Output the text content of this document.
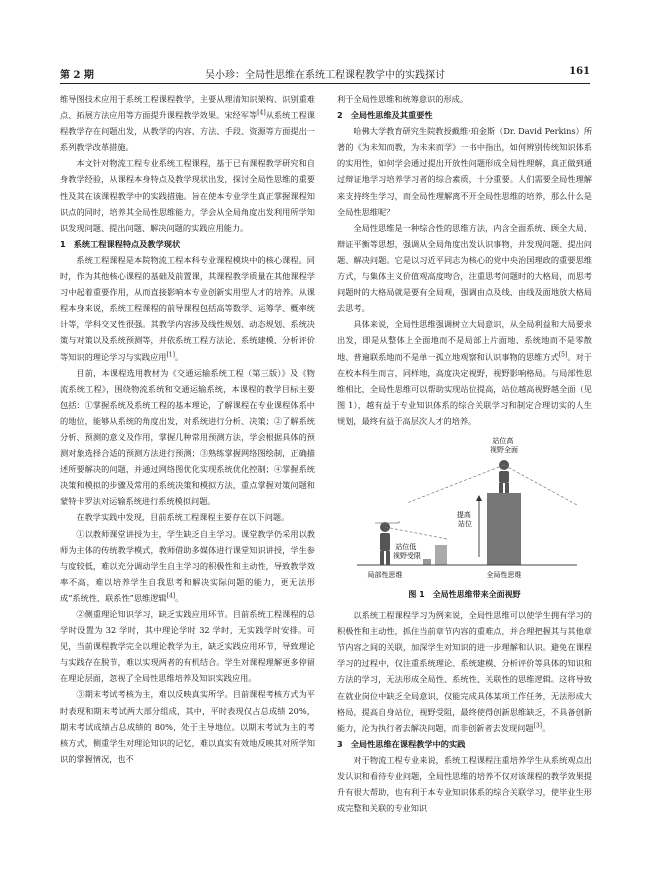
第 2 期	吴小珍：全局性思维在系统工程课程教学中的实践探讨	161

维导图技术应用于系统工程课程教学，主要从理清知识架构、识别重难点、拓展方法应用等方面提升课程教学效果。宋经军等[4]从系统工程课程教学存在问题出发，从教学的内容、方法、手段、资源等方面提出一系列教学改革措施。

本文针对物流工程专业系统工程课程，基于已有课程教学研究和自身教学经验，从课程本身特点及教学现状出发，探讨全局性思维的重要性及其在该课程教学中的实践措施。旨在使本专业学生真正掌握课程知识点的同时，培养其全局性思维能力，学会从全局角度出发利用所学知识发现问题、提出问题、解决问题的实践应用能力。

1 系统工程课程特点及教学现状

系统工程课程是本院物流工程本科专业课程模块中的核心课程。同时，作为其他核心课程的基础及前置课，其课程教学质量在其他课程学习中起着重要作用，从而直接影响本专业创新实用型人才的培养。从课程本身来说，系统工程课程的前导课程包括高等数学、运筹学、概率统计等，学科交叉性很强。其教学内容涉及线性规划、动态规划、系统决策与对策以及系统预测等，并依系统工程方法论、系统建模、分析评价等知识的理论学习与实践应用[1]。

目前，本课程选用教材为《交通运输系统工程（第三版）》及《物流系统工程》，围绕物流系统和交通运输系统，本课程的教学目标主要包括：①掌握系统及系统工程的基本理论，了解课程在专业课程体系中的地位，能够从系统的角度出发，对系统进行分析、决策；②了解系统分析、预测的意义及作用，掌握几种常用预测方法，学会根据具体的预测对象选择合适的预测方法进行预测；③熟练掌握网络图绘制，正确描述所要解决的问题，并通过网络图优化实现系统优化控制；④掌握系统决策和模拟的步骤及常用的系统决策和模拟方法，重点掌握对策问题和蒙特卡罗法对运输系统进行系统模拟问题。

在教学实践中发现，目前系统工程课程主要存在以下问题。

①以教师课堂讲授为主，学生缺乏自主学习。课堂教学仍采用以教师为主体的传统教学模式，教师借助多媒体进行课堂知识讲授，学生参与度较低，难以充分调动学生自主学习的积极性和主动性，导致教学效率不高，难以培养学生自我思考和解决实际问题的能力，更无法形成“系统性、联系性”思维逻辑[4]。

②侧重理论知识学习，缺乏实践应用环节。目前系统工程课程的总学时设置为 32 学时，其中理论学时 32 学时，无实践学时安排。可见，当前课程教学完全以理论教学为主，缺乏实践应用环节，导致理论与实践存在脱节，难以实现两者的有机结合。学生对课程理解更多停留在理论层面，忽视了全局性思维培养及知识实践应用。

③期末考试考核为主，难以反映真实所学。目前课程考核方式为平时表现和期末考试两大部分组成，其中，平时表现仅占总成绩 20%，期末考试成绩占总成绩的 80%，处于主导地位。以期末考试为主的考核方式，侧重学生对理论知识的记忆，难以真实有效地反映其对所学知识的掌握情况，也不

利于全局性思维和统筹意识的形成。

2 全局性思维及其重要性

哈佛大学教育研究生院教授戴维·珀金斯（Dr. David Perkins）所著的《为未知而教，为未来而学》一书中指出，如何辨别传统知识体系的实用性，如何学会通过提出开放性问题形成全局性理解，真正做到通过辩证地学习培养学习者的综合素质，十分重要。人们需要全局性理解来支持终生学习，而全局性理解离不开全局性思维的培养，那么什么是全局性思维呢？

全局性思维是一种综合性的思维方法，内含全面系统、顾全大局、辩证平衡等思想，强调从全局角度出发认识事物，并发现问题、提出问题、解决问题。它是以习近平同志为核心的党中央治国理政的重要思维方式，与集体主义价值观高度吻合，注重思考问题时的大格局，而思考问题时的大格局就是要有全局观，强调由点及线、由线及面地放大格局去思考。

具体来说，全局性思维强调树立大局意识，从全局利益和大局要求出发，即是从整体上全面地而不是局部上片面地、系统地而不是零散地、普遍联系地而不是单一孤立地观察和认识事物的思维方式[5]。对于在校本科生而言，同样地，高度决定视野，视野影响格局。与局部性思维相比，全局性思维可以帮助实现站位提高，站位越高视野越全面（见图 1），越有益于专业知识体系的综合关联学习和制定合理切实的人生规划，最终有益于高层次人才的培养。

站位高 视野全面
提高 站位
站位低 视野受限
局部性思维	全局性思维
图 1 全局性思维带来全面视野

以系统工程课程学习为例来说，全局性思维可以使学生拥有学习的积极性和主动性，抓住当前章节内容的重难点，并合理把握其与其他章节内容之间的关联，加深学生对知识的进一步理解和认识。避免在课程学习的过程中，仅注重系统理论、系统建模、分析评价等具体的知识和方法的学习，无法形成全局性、系统性、关联性的思维逻辑。这将导致在就业岗位中缺乏全局意识，仅能完成具体某项工作任务，无法形成大格局，提高自身站位，视野受阻，最终使得创新思维缺乏，不具备创新能力，沦为执行者去解决问题，而非创新者去发现问题[3]。

3 全局性思维在课程教学中的实践

对于物流工程专业来说，系统工程课程注重培养学生从系统观点出发认识和看待专业问题，全局性思维的培养不仅对该课程的教学效果提升有很大帮助，也有利于本专业知识体系的综合关联学习，使毕业生形成完整和关联的专业知识
